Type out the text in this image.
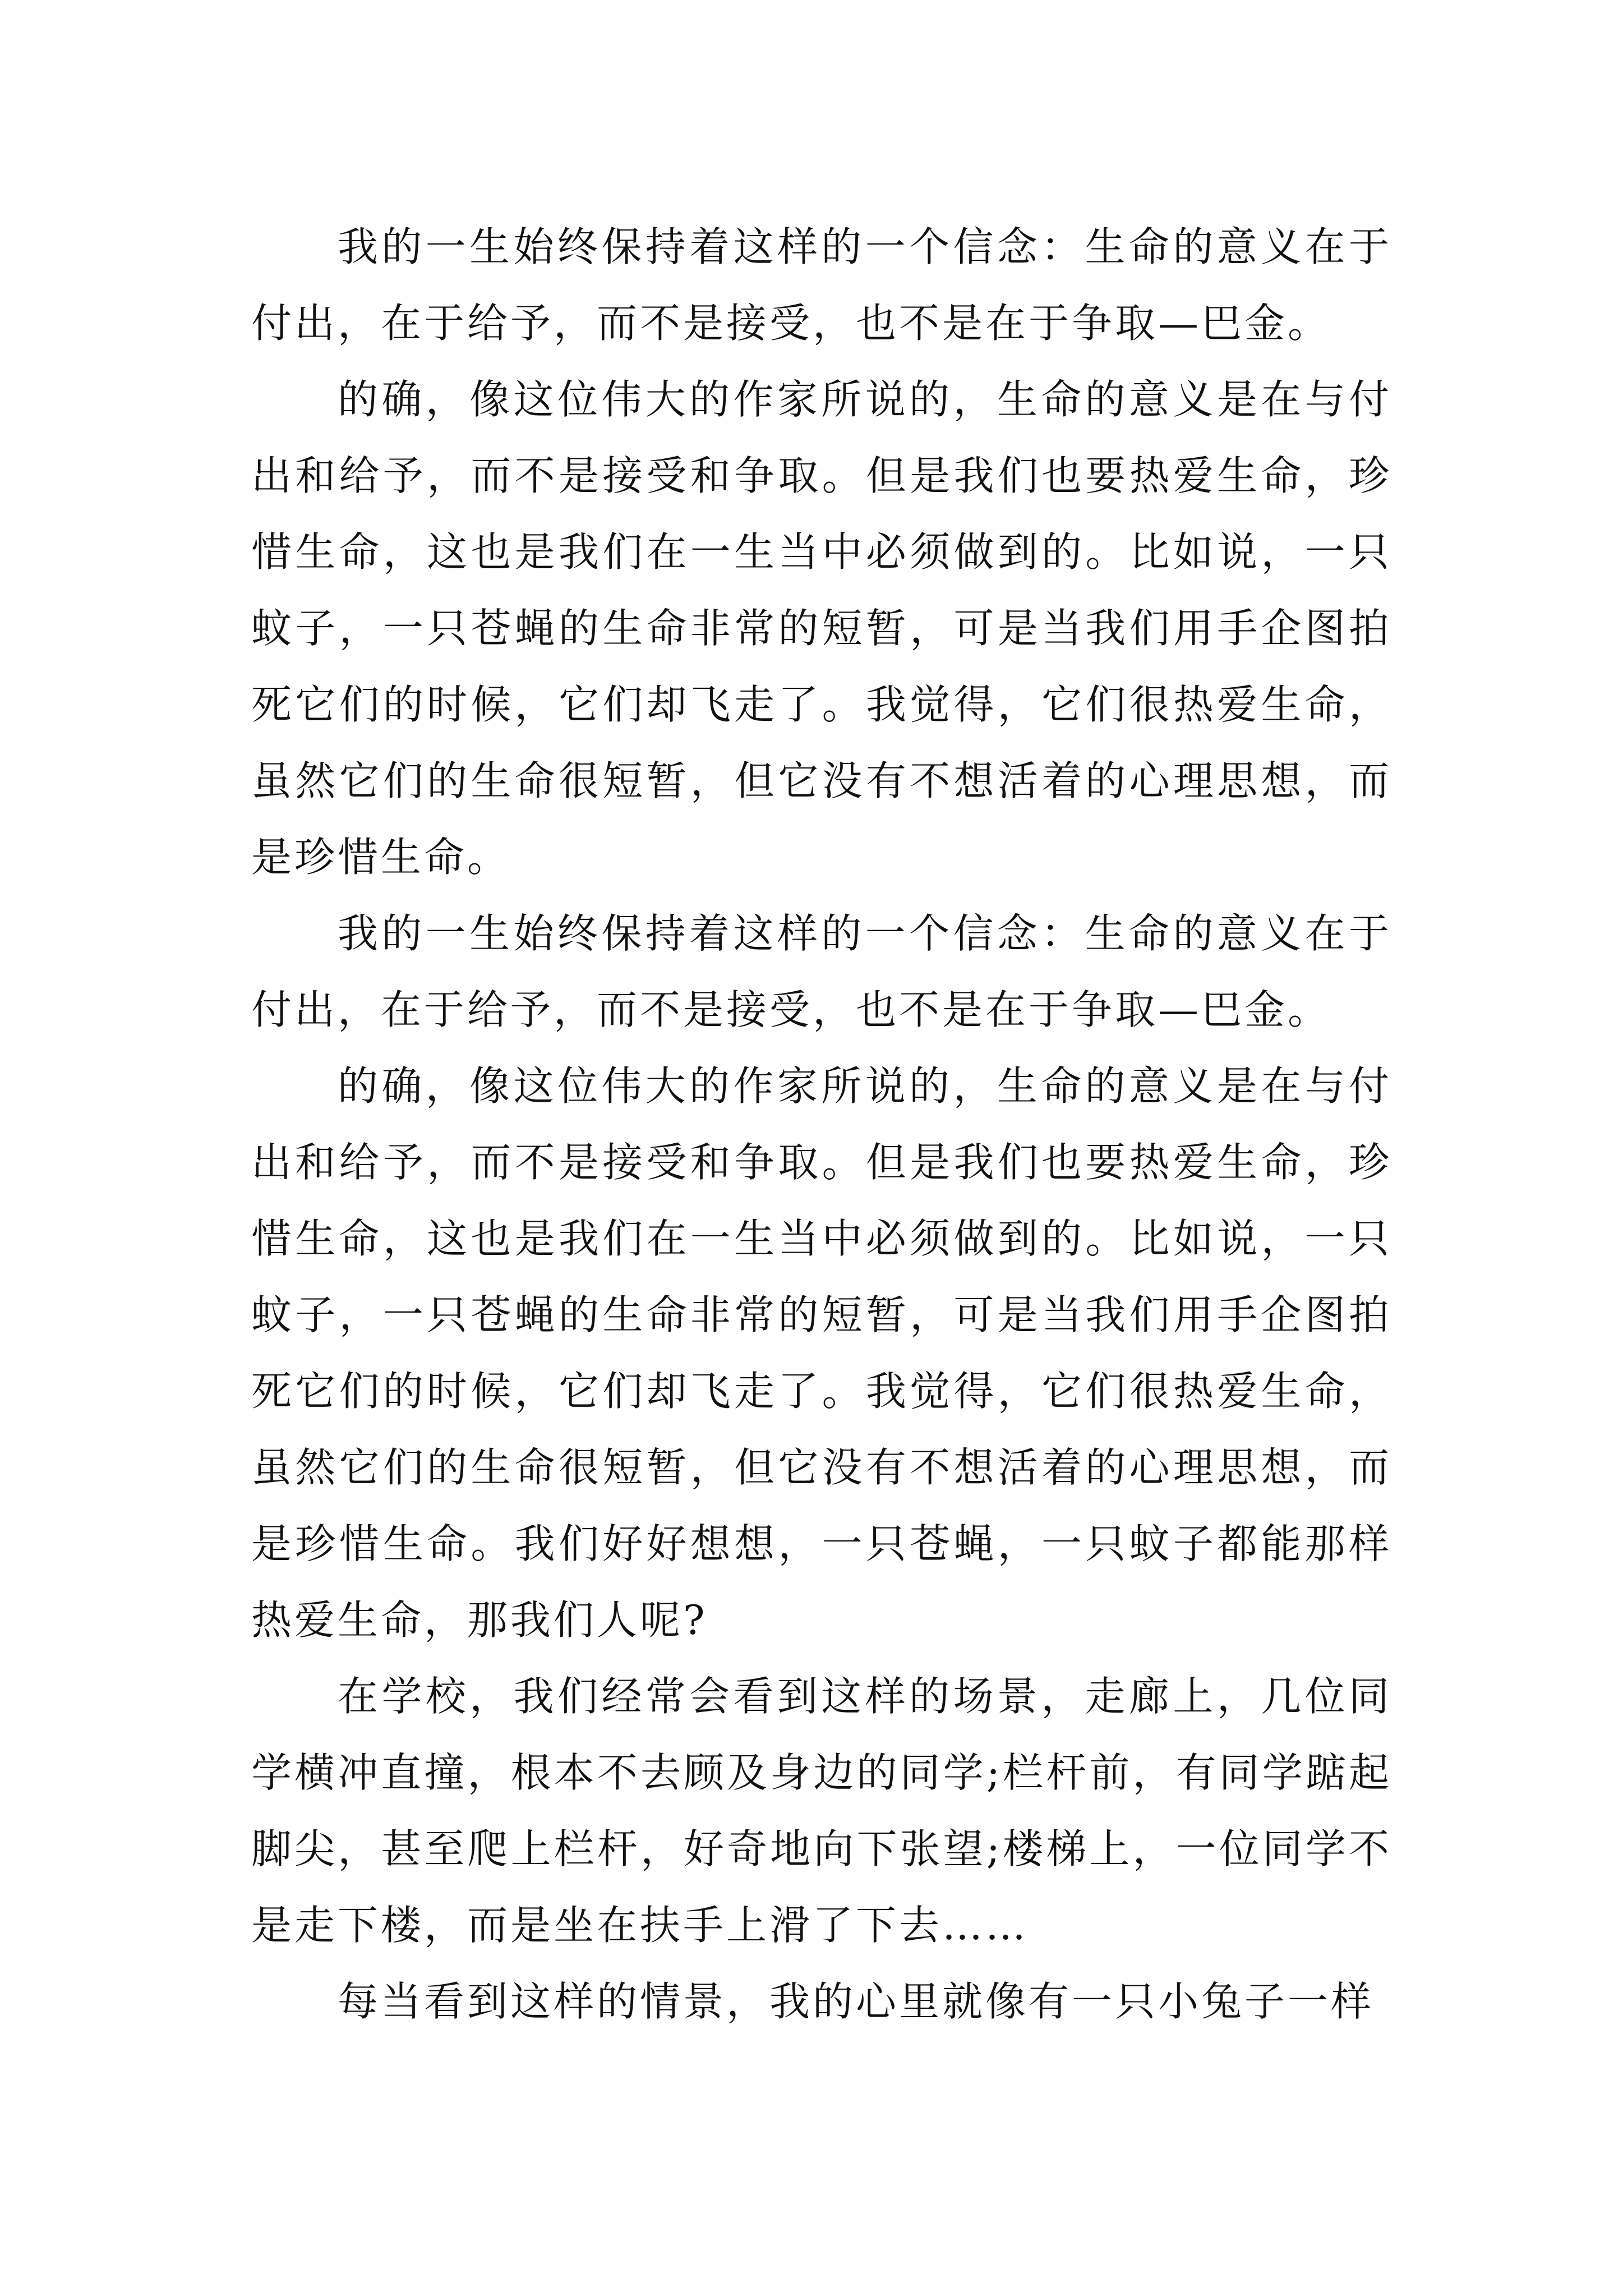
我的一生始终保持着这样的一个信念：生命的意义在于付出，在于给予，而不是接受，也不是在于争取—巴金。

的确，像这位伟大的作家所说的，生命的意义是在与付出和给予，而不是接受和争取。但是我们也要热爱生命，珍惜生命，这也是我们在一生当中必须做到的。比如说，一只蚊子，一只苍蝇的生命非常的短暂，可是当我们用手企图拍死它们的时候，它们却飞走了。我觉得，它们很热爱生命，虽然它们的生命很短暂，但它没有不想活着的心理思想，而是珍惜生命。

我的一生始终保持着这样的一个信念：生命的意义在于付出，在于给予，而不是接受，也不是在于争取—巴金。

的确，像这位伟大的作家所说的，生命的意义是在与付出和给予，而不是接受和争取。但是我们也要热爱生命，珍惜生命，这也是我们在一生当中必须做到的。比如说，一只蚊子，一只苍蝇的生命非常的短暂，可是当我们用手企图拍死它们的时候，它们却飞走了。我觉得，它们很热爱生命，虽然它们的生命很短暂，但它没有不想活着的心理思想，而是珍惜生命。我们好好想想，一只苍蝇，一只蚊子都能那样热爱生命，那我们人呢?

在学校，我们经常会看到这样的场景，走廊上，几位同学横冲直撞，根本不去顾及身边的同学;栏杆前，有同学踮起脚尖，甚至爬上栏杆，好奇地向下张望;楼梯上，一位同学不是走下楼，而是坐在扶手上滑了下去……

每当看到这样的情景，我的心里就像有一只小兔子一样
